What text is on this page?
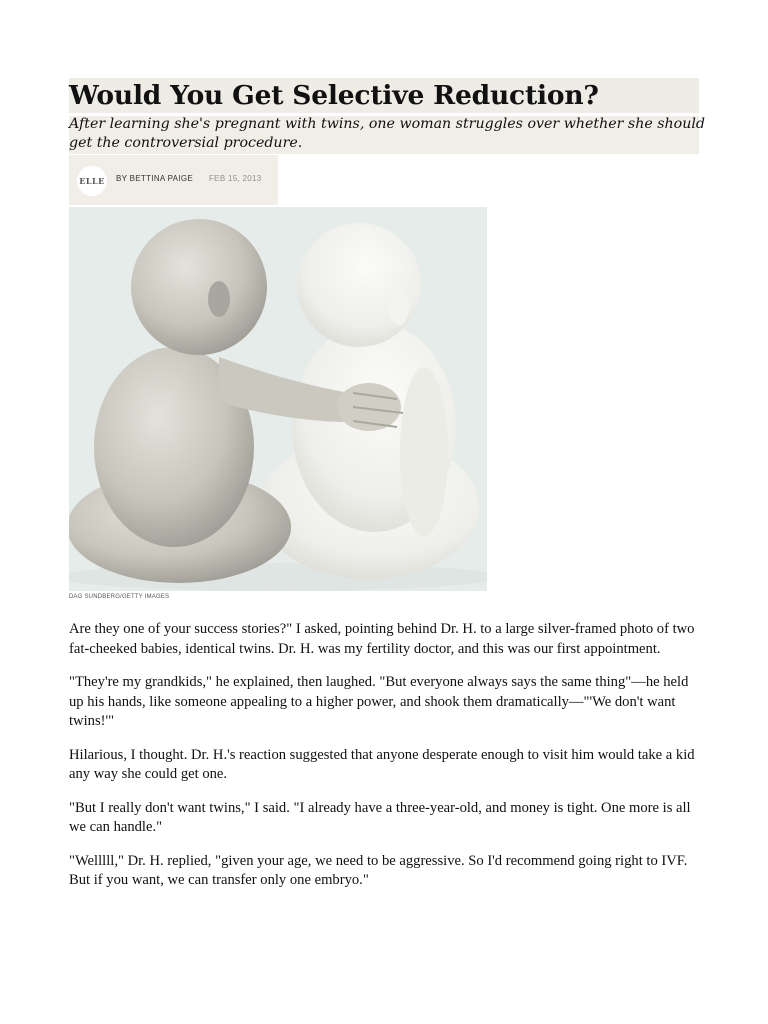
Would You Get Selective Reduction?

After learning she's pregnant with twins, one woman struggles over whether she should get the controversial procedure.

ELLE BY BETTINA PAIGE FEB 15, 2013
DAG SUNDBERG/GETTY IMAGES

Are they one of your success stories?" I asked, pointing behind Dr. H. to a large silver-framed photo of two fat-cheeked babies, identical twins. Dr. H. was my fertility doctor, and this was our first appointment.

"They're my grandkids," he explained, then laughed. "But everyone always says the same thing"—he held up his hands, like someone appealing to a higher power, and shook them dramatically—"'We don't want twins!'"

Hilarious, I thought. Dr. H.'s reaction suggested that anyone desperate enough to visit him would take a kid any way she could get one.

"But I really don't want twins," I said. "I already have a three-year-old, and money is tight. One more is all we can handle."

"Welllll," Dr. H. replied, "given your age, we need to be aggressive. So I'd recommend going right to IVF. But if you want, we can transfer only one embryo."
